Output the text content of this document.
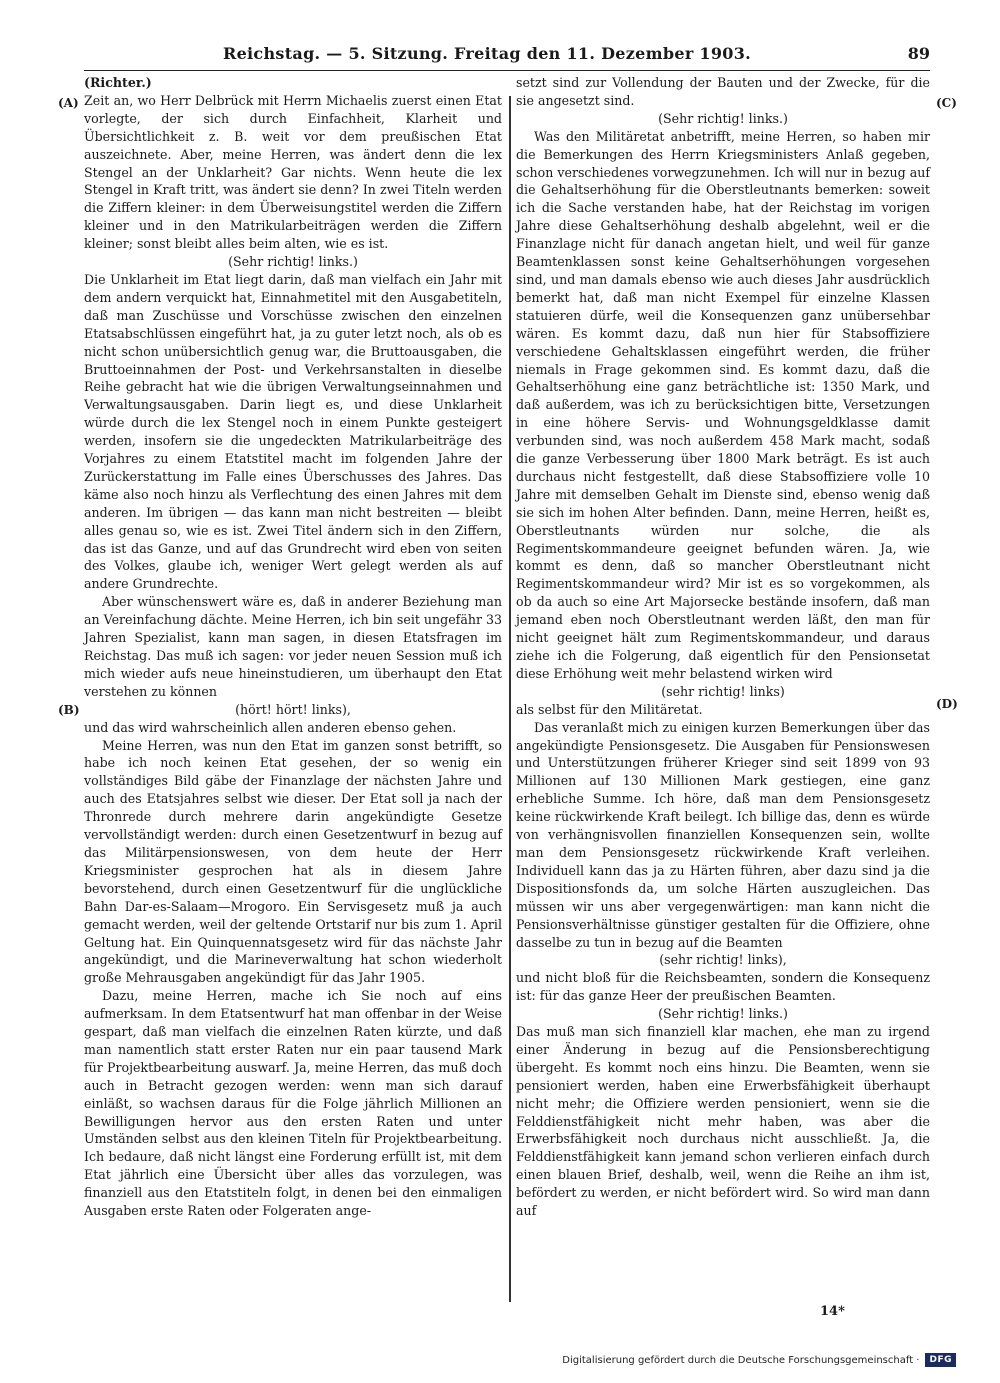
Reichstag. — 5. Sitzung. Freitag den 11. Dezember 1903.	89

(Richter.)

Zeit an, wo Herr Delbrück mit Herrn Michaelis zuerst einen Etat vorlegte, der sich durch Einfachheit, Klarheit und Übersichtlichkeit z. B. weit vor dem preußischen Etat auszeichnete. Aber, meine Herren, was ändert denn die lex Stengel an der Unklarheit? Gar nichts. Wenn heute die lex Stengel in Kraft tritt, was ändert sie denn? In zwei Titeln werden die Ziffern kleiner: in dem Überweisungstitel werden die Ziffern kleiner und in den Matrikularbeiträgen werden die Ziffern kleiner; sonst bleibt alles beim alten, wie es ist.

(Sehr richtig! links.)

Die Unklarheit im Etat liegt darin, daß man vielfach ein Jahr mit dem andern verquickt hat, Einnahmetitel mit den Ausgabetiteln, daß man Zuschüsse und Vorschüsse zwischen den einzelnen Etatsabschlüssen eingeführt hat, ja zu guter letzt noch, als ob es nicht schon unübersichtlich genug war, die Bruttoausgaben, die Bruttoeinnahmen der Post- und Verkehrsanstalten in dieselbe Reihe gebracht hat wie die übrigen Verwaltungseinnahmen und Verwaltungsausgaben. Darin liegt es, und diese Unklarheit würde durch die lex Stengel noch in einem Punkte gesteigert werden, insofern sie die ungedeckten Matrikularbeiträge des Vorjahres zu einem Etatstitel macht im folgenden Jahre der Zurückerstattung im Falle eines Überschusses des Jahres. Das käme also noch hinzu als Verflechtung des einen Jahres mit dem anderen. Im übrigen — das kann man nicht bestreiten — bleibt alles genau so, wie es ist. Zwei Titel ändern sich in den Ziffern, das ist das Ganze, und auf das Grundrecht wird eben von seiten des Volkes, glaube ich, weniger Wert gelegt werden als auf andere Grundrechte.

Aber wünschenswert wäre es, daß in anderer Beziehung man an Vereinfachung dächte. Meine Herren, ich bin seit ungefähr 33 Jahren Spezialist, kann man sagen, in diesen Etatsfragen im Reichstag. Das muß ich sagen: vor jeder neuen Session muß ich mich wieder aufs neue hineinstudieren, um überhaupt den Etat verstehen zu können

(hört! hört! links),

und das wird wahrscheinlich allen anderen ebenso gehen.

Meine Herren, was nun den Etat im ganzen sonst betrifft, so habe ich noch keinen Etat gesehen, der so wenig ein vollständiges Bild gäbe der Finanzlage der nächsten Jahre und auch des Etatsjahres selbst wie dieser. Der Etat soll ja nach der Thronrede durch mehrere darin angekündigte Gesetze vervollständigt werden: durch einen Gesetzentwurf in bezug auf das Militärpensionswesen, von dem heute der Herr Kriegsminister gesprochen hat als in diesem Jahre bevorstehend, durch einen Gesetzentwurf für die unglückliche Bahn Dar-es-Salaam—Mrogoro. Ein Servisgesetz muß ja auch gemacht werden, weil der geltende Ortstarif nur bis zum 1. April Geltung hat. Ein Quinquennatsgesetz wird für das nächste Jahr angekündigt, und die Marineverwaltung hat schon wiederholt große Mehrausgaben angekündigt für das Jahr 1905.

Dazu, meine Herren, mache ich Sie noch auf eins aufmerksam. In dem Etatsentwurf hat man offenbar in der Weise gespart, daß man vielfach die einzelnen Raten kürzte, und daß man namentlich statt erster Raten nur ein paar tausend Mark für Projektbearbeitung auswarf. Ja, meine Herren, das muß doch auch in Betracht gezogen werden: wenn man sich darauf einläßt, so wachsen daraus für die Folge jährlich Millionen an Bewilligungen hervor aus den ersten Raten und unter Umständen selbst aus den kleinen Titeln für Projektbearbeitung. Ich bedaure, daß nicht längst eine Forderung erfüllt ist, mit dem Etat jährlich eine Übersicht über alles das vorzulegen, was finanziell aus den Etatstiteln folgt, in denen bei den einmaligen Ausgaben erste Raten oder Folgeraten ange-

setzt sind zur Vollendung der Bauten und der Zwecke, für die sie angesetzt sind.

(Sehr richtig! links.)

Was den Militäretat anbetrifft, meine Herren, so haben mir die Bemerkungen des Herrn Kriegsministers Anlaß gegeben, schon verschiedenes vorwegzunehmen. Ich will nur in bezug auf die Gehaltserhöhung für die Oberstleutnants bemerken: soweit ich die Sache verstanden habe, hat der Reichstag im vorigen Jahre diese Gehaltserhöhung deshalb abgelehnt, weil er die Finanzlage nicht für danach angetan hielt, und weil für ganze Beamtenklassen sonst keine Gehaltserhöhungen vorgesehen sind, und man damals ebenso wie auch dieses Jahr ausdrücklich bemerkt hat, daß man nicht Exempel für einzelne Klassen statuieren dürfe, weil die Konsequenzen ganz unübersehbar wären. Es kommt dazu, daß nun hier für Stabsoffiziere verschiedene Gehaltsklassen eingeführt werden, die früher niemals in Frage gekommen sind. Es kommt dazu, daß die Gehaltserhöhung eine ganz beträchtliche ist: 1350 Mark, und daß außerdem, was ich zu berücksichtigen bitte, Versetzungen in eine höhere Servis- und Wohnungsgeldklasse damit verbunden sind, was noch außerdem 458 Mark macht, sodaß die ganze Verbesserung über 1800 Mark beträgt. Es ist auch durchaus nicht festgestellt, daß diese Stabsoffiziere volle 10 Jahre mit demselben Gehalt im Dienste sind, ebenso wenig daß sie sich im hohen Alter befinden. Dann, meine Herren, heißt es, Oberstleutnants würden nur solche, die als Regimentskommandeure geeignet befunden wären. Ja, wie kommt es denn, daß so mancher Oberstleutnant nicht Regimentskommandeur wird? Mir ist es so vorgekommen, als ob da auch so eine Art Majorsecke bestände insofern, daß man jemand eben noch Oberstleutnant werden läßt, den man für nicht geeignet hält zum Regimentskommandeur, und daraus ziehe ich die Folgerung, daß eigentlich für den Pensionsetat diese Erhöhung weit mehr belastend wirken wird

(sehr richtig! links)

als selbst für den Militäretat.

Das veranlaßt mich zu einigen kurzen Bemerkungen über das angekündigte Pensionsgesetz. Die Ausgaben für Pensionswesen und Unterstützungen früherer Krieger sind seit 1899 von 93 Millionen auf 130 Millionen Mark gestiegen, eine ganz erhebliche Summe. Ich höre, daß man dem Pensionsgesetz keine rückwirkende Kraft beilegt. Ich billige das, denn es würde von verhängnisvollen finanziellen Konsequenzen sein, wollte man dem Pensionsgesetz rückwirkende Kraft verleihen. Individuell kann das ja zu Härten führen, aber dazu sind ja die Dispositionsfonds da, um solche Härten auszugleichen. Das müssen wir uns aber vergegenwärtigen: man kann nicht die Pensionsverhältnisse günstiger gestalten für die Offiziere, ohne dasselbe zu tun in bezug auf die Beamten

(sehr richtig! links),

und nicht bloß für die Reichsbeamten, sondern die Konsequenz ist: für das ganze Heer der preußischen Beamten.

(Sehr richtig! links.)

Das muß man sich finanziell klar machen, ehe man zu irgend einer Änderung in bezug auf die Pensionsberechtigung übergeht. Es kommt noch eins hinzu. Die Beamten, wenn sie pensioniert werden, haben eine Erwerbsfähigkeit überhaupt nicht mehr; die Offiziere werden pensioniert, wenn sie die Felddienstfähigkeit nicht mehr haben, was aber die Erwerbsfähigkeit noch durchaus nicht ausschließt. Ja, die Felddienstfähigkeit kann jemand schon verlieren einfach durch einen blauen Brief, deshalb, weil, wenn die Reihe an ihm ist, befördert zu werden, er nicht befördert wird. So wird man dann auf

(A)
(B)
(C)
(D)
14*
Digitalisierung gefördert durch die Deutsche Forschungsgemeinschaft ·	DFG
